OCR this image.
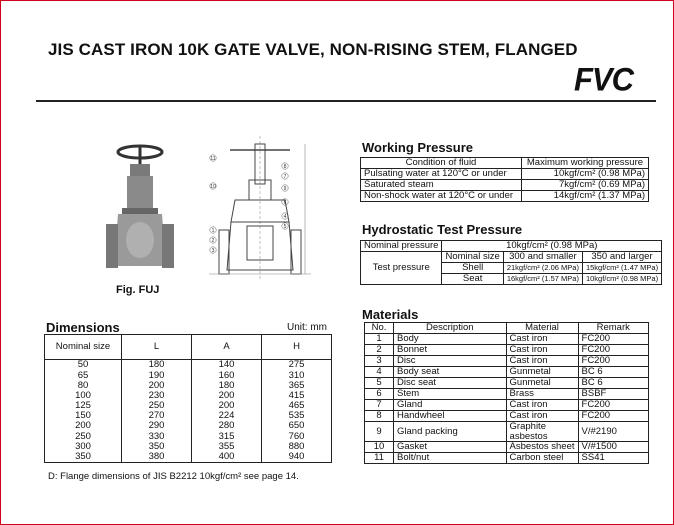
JIS CAST IRON 10K GATE VALVE, NON-RISING STEM, FLANGED
FVC
11
10
1
2
3
8
7
9
6
4
5
Fig. FUJ
Working Pressure
Condition of fluid	Maximum working pressure
Pulsating water at 120°C or under	10kgf/cm² (0.98 MPa)
Saturated steam	7kgf/cm² (0.69 MPa)
Non-shock water at 120°C or under	14kgf/cm² (1.37 MPa)
Hydrostatic Test Pressure
Nominal pressure	10kgf/cm² (0.98 MPa)		
Test pressure	Nominal size	300 and smaller	350 and larger
	Shell	21kgf/cm² (2.06 MPa)	15kgf/cm² (1.47 MPa)
	Seat	16kgf/cm² (1.57 MPa)	10kgf/cm² (0.98 MPa)
Materials
No.	Description	Material	Remark
1	Body	Cast iron	FC200
2	Bonnet	Cast iron	FC200
3	Disc	Cast iron	FC200
4	Body seat	Gunmetal	BC 6
5	Disc seat	Gunmetal	BC 6
6	Stem	Brass	BSBF
7	Gland	Cast iron	FC200
8	Handwheel	Cast iron	FC200
9	Gland packing	Graphite asbestos	V/#2190
10	Gasket	Asbestos sheet	V/#1500
11	Bolt/nut	Carbon steel	SS41
Dimensions	Unit: mm
Nominal size	L	A	H
50	180	140	275
65	190	160	310
80	200	180	365
100	230	200	415
125	250	200	465
150	270	224	535
200	290	280	650
250	330	315	760
300	350	355	880
350	380	400	940
D: Flange dimensions of JIS B2212 10kgf/cm² see page 14.
